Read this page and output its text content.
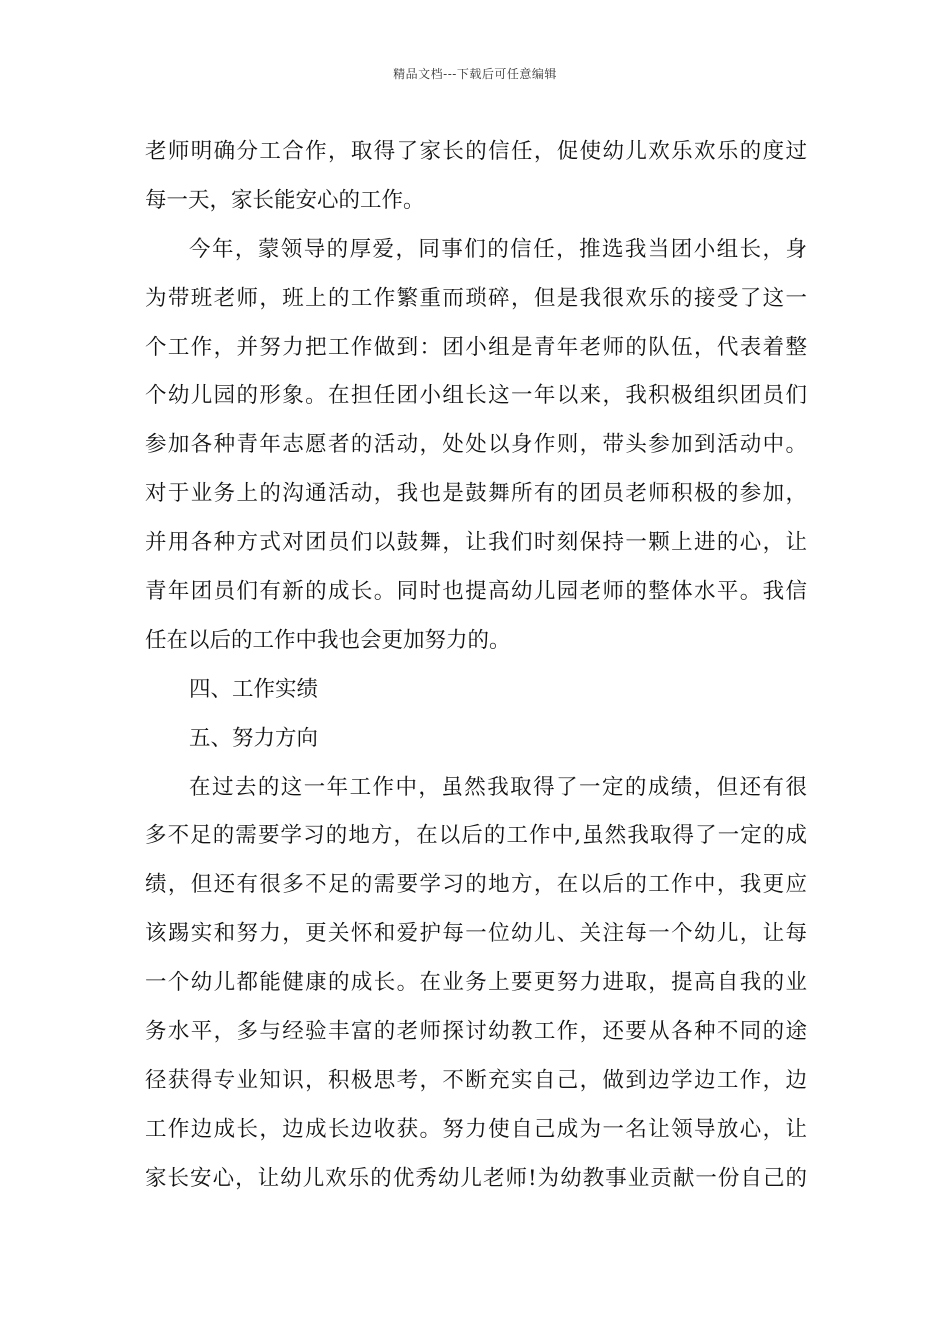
精品文档---下载后可任意编辑
老师明确分工合作，取得了家长的信任，促使幼儿欢乐欢乐的度过
每一天，家长能安心的工作。
今年，蒙领导的厚爱，同事们的信任，推选我当团小组长，身
为带班老师，班上的工作繁重而琐碎，但是我很欢乐的接受了这一
个工作，并努力把工作做到：团小组是青年老师的队伍，代表着整
个幼儿园的形象。在担任团小组长这一年以来，我积极组织团员们
参加各种青年志愿者的活动，处处以身作则，带头参加到活动中。
对于业务上的沟通活动，我也是鼓舞所有的团员老师积极的参加，
并用各种方式对团员们以鼓舞，让我们时刻保持一颗上进的心，让
青年团员们有新的成长。同时也提高幼儿园老师的整体水平。我信
任在以后的工作中我也会更加努力的。
四、工作实绩
五、努力方向
在过去的这一年工作中，虽然我取得了一定的成绩，但还有很
多不足的需要学习的地方，在以后的工作中,虽然我取得了一定的成
绩，但还有很多不足的需要学习的地方，在以后的工作中，我更应
该踢实和努力，更关怀和爱护每一位幼儿、关注每一个幼儿，让每
一个幼儿都能健康的成长。在业务上要更努力进取，提高自我的业
务水平，多与经验丰富的老师探讨幼教工作，还要从各种不同的途
径获得专业知识，积极思考，不断充实自己，做到边学边工作，边
工作边成长，边成长边收获。努力使自己成为一名让领导放心，让
家长安心，让幼儿欢乐的优秀幼儿老师!为幼教事业贡献一份自己的
